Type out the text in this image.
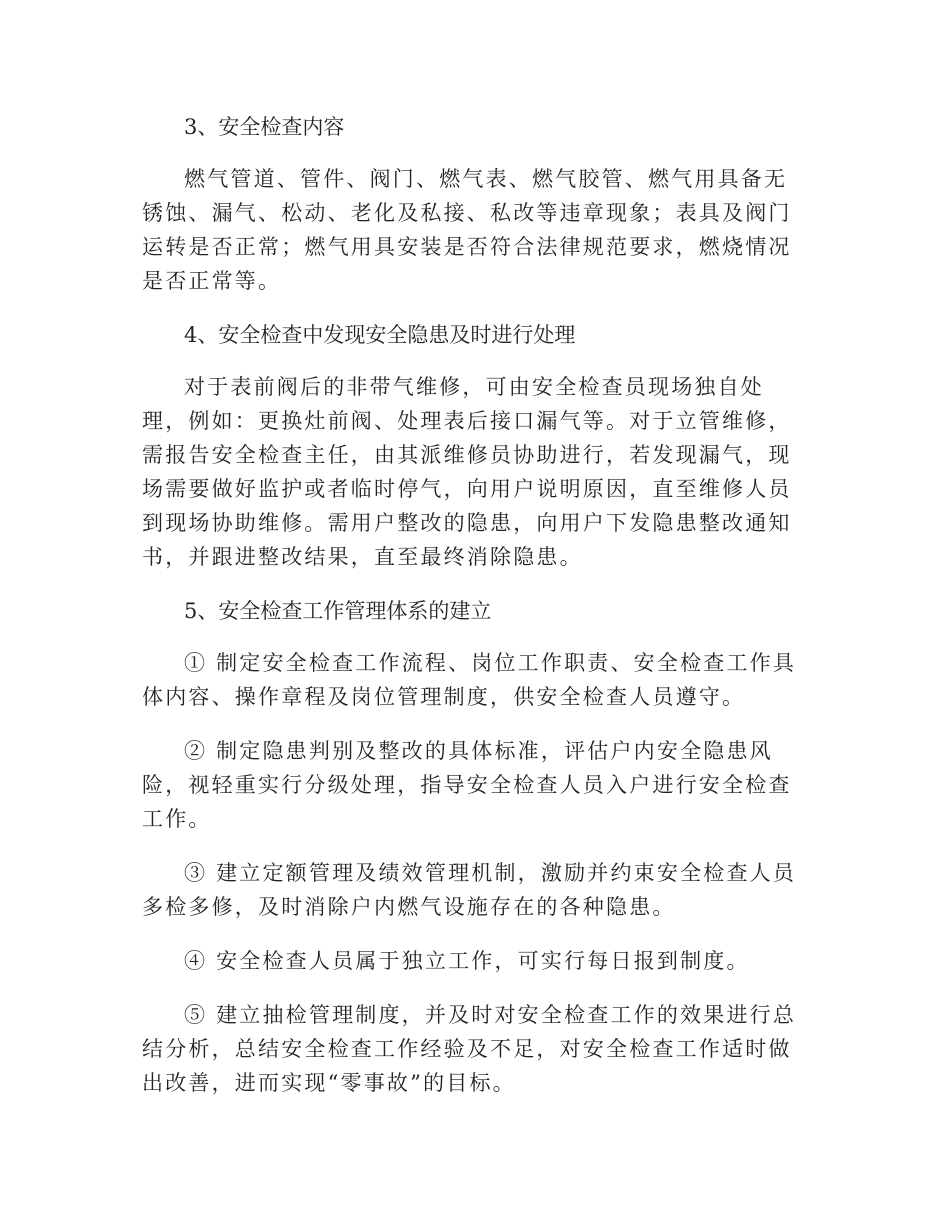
3、安全检查内容

燃气管道、管件、阀门、燃气表、燃气胶管、燃气用具备无锈蚀、漏气、松动、老化及私接、私改等违章现象；表具及阀门运转是否正常；燃气用具安装是否符合法律规范要求，燃烧情况是否正常等。

4、安全检查中发现安全隐患及时进行处理

对于表前阀后的非带气维修，可由安全检查员现场独自处理，例如：更换灶前阀、处理表后接口漏气等。对于立管维修，需报告安全检查主任，由其派维修员协助进行，若发现漏气，现场需要做好监护或者临时停气，向用户说明原因，直至维修人员到现场协助维修。需用户整改的隐患，向用户下发隐患整改通知书，并跟进整改结果，直至最终消除隐患。

5、安全检查工作管理体系的建立

① 制定安全检查工作流程、岗位工作职责、安全检查工作具体内容、操作章程及岗位管理制度，供安全检查人员遵守。

② 制定隐患判别及整改的具体标准，评估户内安全隐患风险，视轻重实行分级处理，指导安全检查人员入户进行安全检查工作。

③ 建立定额管理及绩效管理机制，激励并约束安全检查人员多检多修，及时消除户内燃气设施存在的各种隐患。

④ 安全检查人员属于独立工作，可实行每日报到制度。

⑤ 建立抽检管理制度，并及时对安全检查工作的效果进行总结分析，总结安全检查工作经验及不足，对安全检查工作适时做出改善，进而实现“零事故”的目标。
